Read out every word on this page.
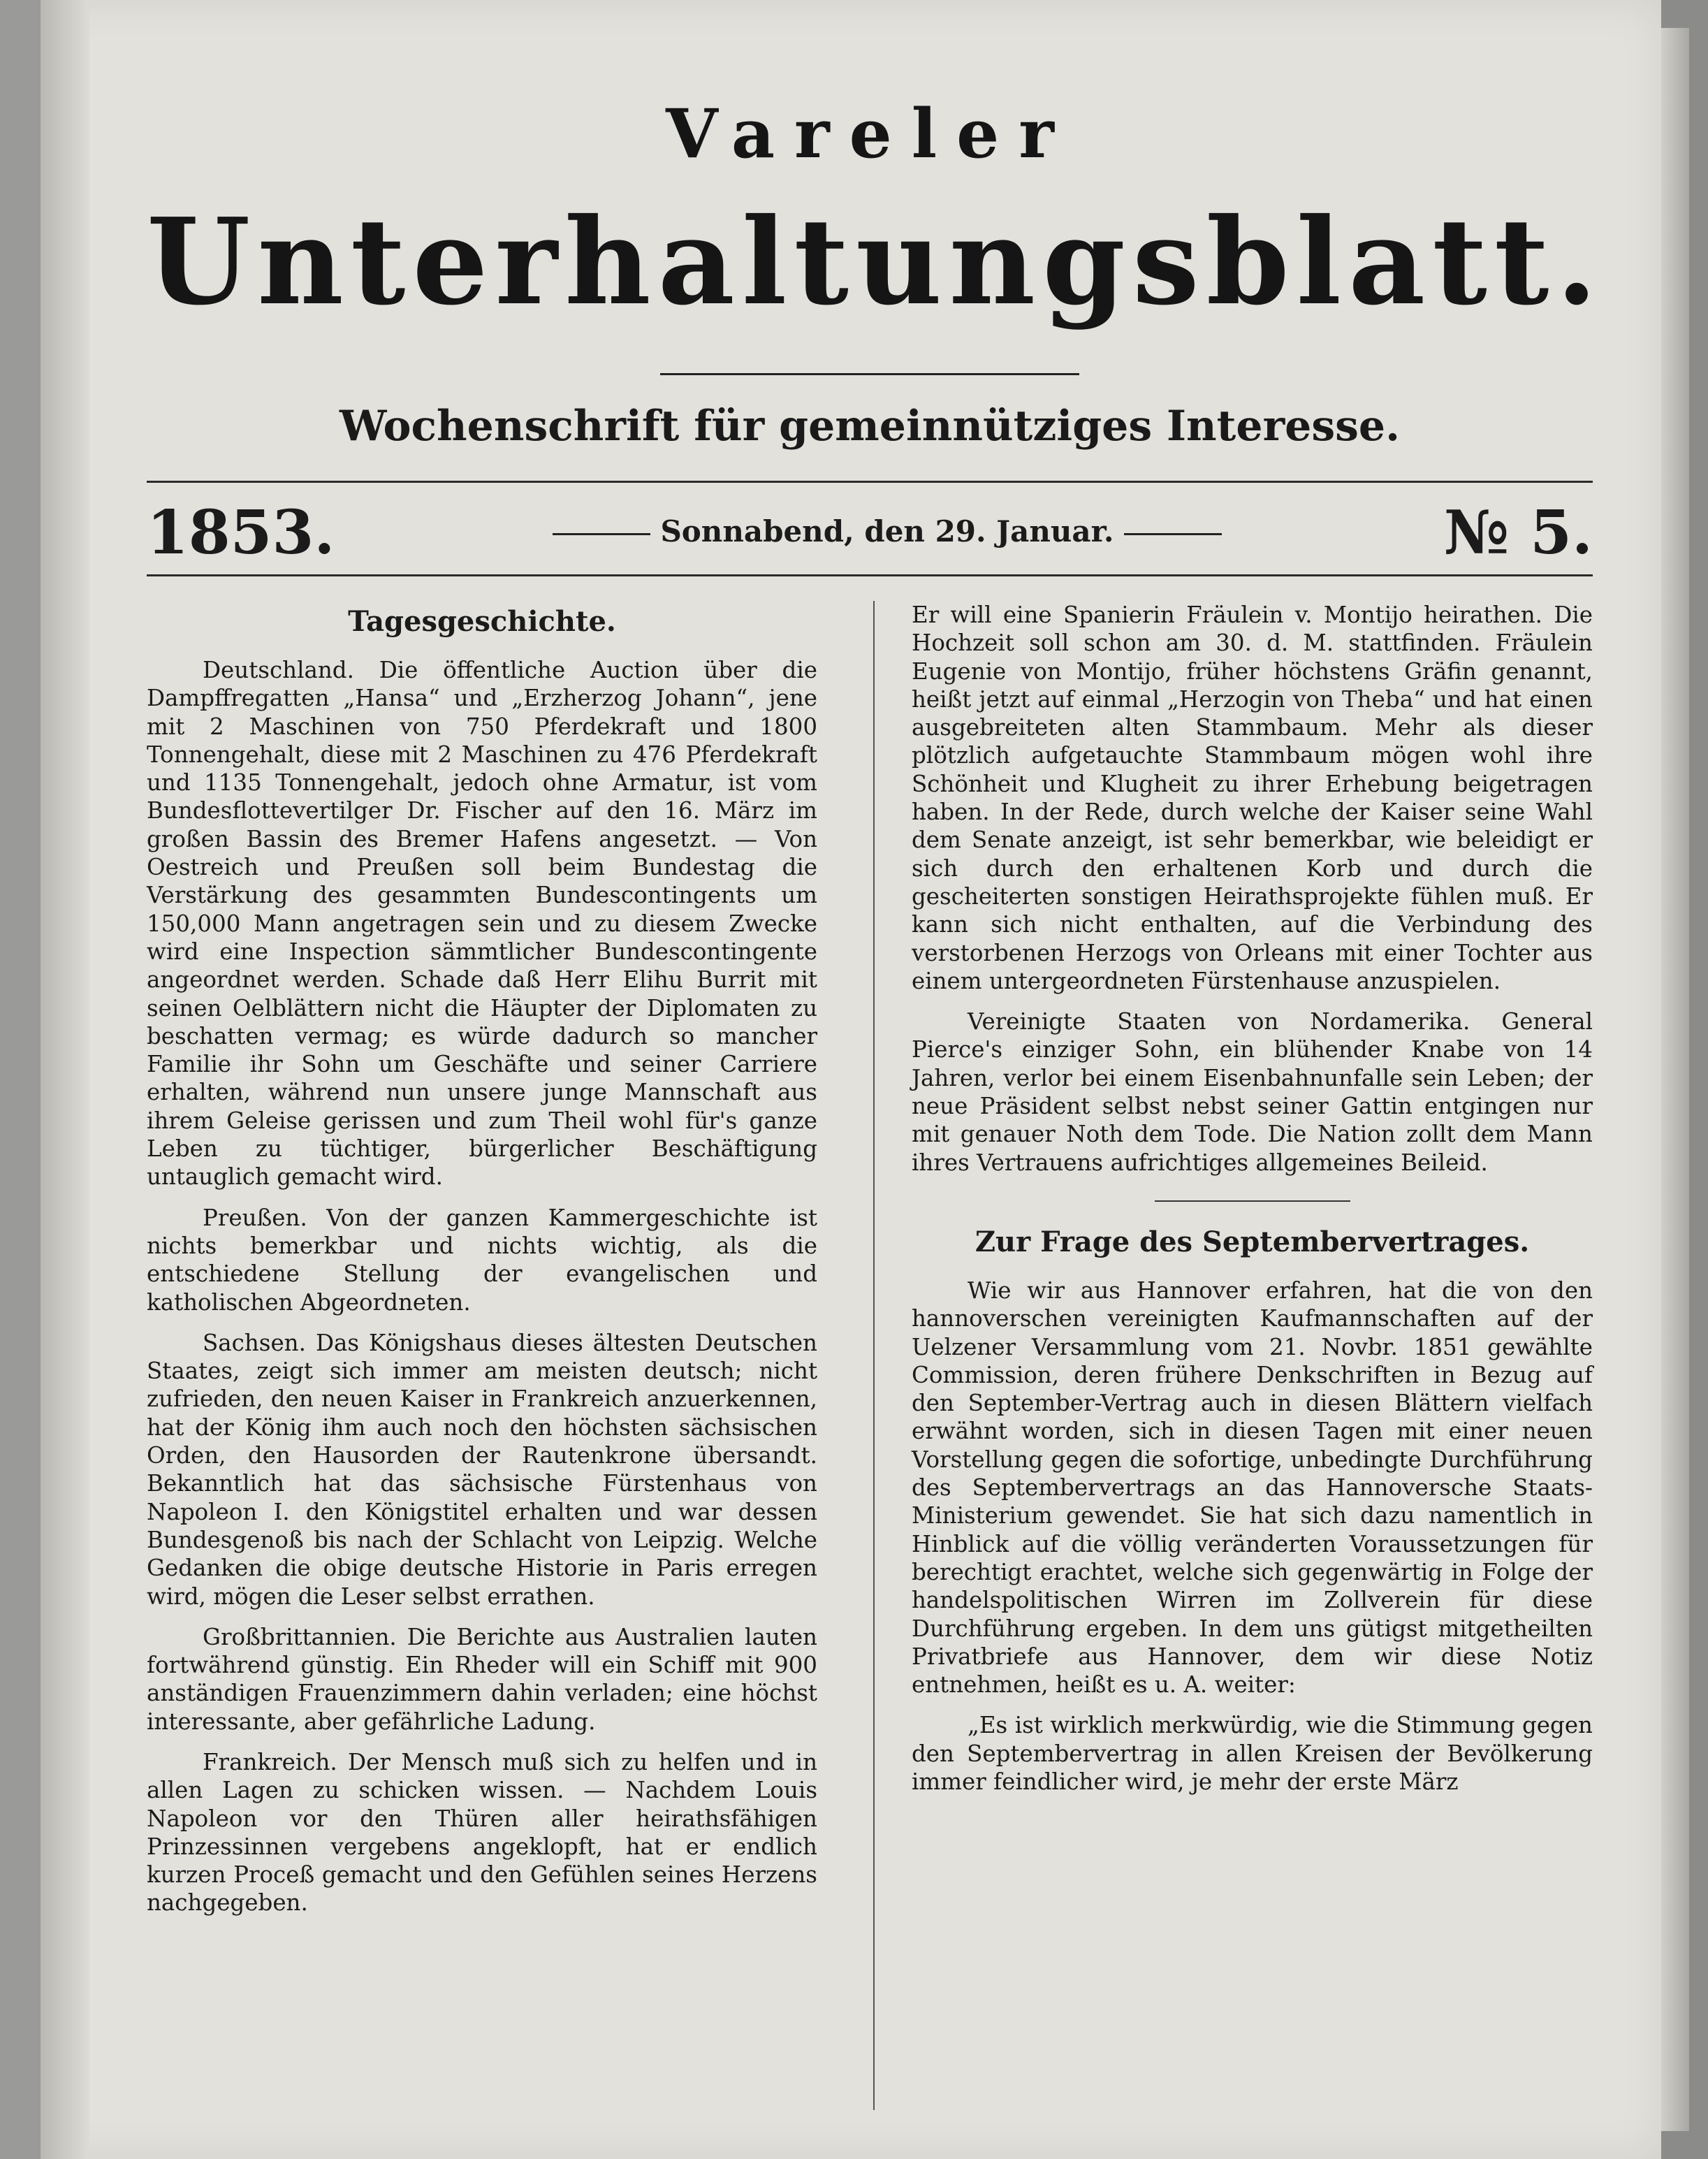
Vareler
Unterhaltungsblatt.
Wochenschrift für gemeinnütziges Interesse.
1853.	Sonnabend, den 29. Januar.	№ 5.
Tagesgeschichte.

Deutschland. Die öffentliche Auction über die Dampffregatten „Hansa“ und „Erzherzog Johann“, jene mit 2 Maschinen von 750 Pferdekraft und 1800 Tonnengehalt, diese mit 2 Maschinen zu 476 Pferdekraft und 1135 Tonnengehalt, jedoch ohne Armatur, ist vom Bundesflottevertilger Dr. Fischer auf den 16. März im großen Bassin des Bremer Hafens angesetzt. — Von Oestreich und Preußen soll beim Bundestag die Verstärkung des gesammten Bundescontingents um 150,000 Mann angetragen sein und zu diesem Zwecke wird eine Inspection sämmtlicher Bundescontingente angeordnet werden. Schade daß Herr Elihu Burrit mit seinen Oelblättern nicht die Häupter der Diplomaten zu beschatten vermag; es würde dadurch so mancher Familie ihr Sohn um Geschäfte und seiner Carriere erhalten, während nun unsere junge Mannschaft aus ihrem Geleise gerissen und zum Theil wohl für's ganze Leben zu tüchtiger, bürgerlicher Beschäftigung untauglich gemacht wird.

Preußen. Von der ganzen Kammergeschichte ist nichts bemerkbar und nichts wichtig, als die entschiedene Stellung der evangelischen und katholischen Abgeordneten.

Sachsen. Das Königshaus dieses ältesten Deutschen Staates, zeigt sich immer am meisten deutsch; nicht zufrieden, den neuen Kaiser in Frankreich anzuerkennen, hat der König ihm auch noch den höchsten sächsischen Orden, den Hausorden der Rautenkrone übersandt. Bekanntlich hat das sächsische Fürstenhaus von Napoleon I. den Königstitel erhalten und war dessen Bundesgenoß bis nach der Schlacht von Leipzig. Welche Gedanken die obige deutsche Historie in Paris erregen wird, mögen die Leser selbst errathen.

Großbrittannien. Die Berichte aus Australien lauten fortwährend günstig. Ein Rheder will ein Schiff mit 900 anständigen Frauenzimmern dahin verladen; eine höchst interessante, aber gefährliche Ladung.

Frankreich. Der Mensch muß sich zu helfen und in allen Lagen zu schicken wissen. — Nachdem Louis Napoleon vor den Thüren aller heirathsfähigen Prinzessinnen vergebens angeklopft, hat er endlich kurzen Proceß gemacht und den Gefühlen seines Herzens nachgegeben.

Er will eine Spanierin Fräulein v. Montijo heirathen. Die Hochzeit soll schon am 30. d. M. stattfinden. Fräulein Eugenie von Montijo, früher höchstens Gräfin genannt, heißt jetzt auf einmal „Herzogin von Theba“ und hat einen ausgebreiteten alten Stammbaum. Mehr als dieser plötzlich aufgetauchte Stammbaum mögen wohl ihre Schönheit und Klugheit zu ihrer Erhebung beigetragen haben. In der Rede, durch welche der Kaiser seine Wahl dem Senate anzeigt, ist sehr bemerkbar, wie beleidigt er sich durch den erhaltenen Korb und durch die gescheiterten sonstigen Heirathsprojekte fühlen muß. Er kann sich nicht enthalten, auf die Verbindung des verstorbenen Herzogs von Orleans mit einer Tochter aus einem untergeordneten Fürstenhause anzuspielen.

Vereinigte Staaten von Nordamerika. General Pierce's einziger Sohn, ein blühender Knabe von 14 Jahren, verlor bei einem Eisenbahnunfalle sein Leben; der neue Präsident selbst nebst seiner Gattin entgingen nur mit genauer Noth dem Tode. Die Nation zollt dem Mann ihres Vertrauens aufrichtiges allgemeines Beileid.

Zur Frage des Septembervertrages.

Wie wir aus Hannover erfahren, hat die von den hannoverschen vereinigten Kaufmannschaften auf der Uelzener Versammlung vom 21. Novbr. 1851 gewählte Commission, deren frühere Denkschriften in Bezug auf den September-Vertrag auch in diesen Blättern vielfach erwähnt worden, sich in diesen Tagen mit einer neuen Vorstellung gegen die sofortige, unbedingte Durchführung des Septembervertrags an das Hannoversche Staats-Ministerium gewendet. Sie hat sich dazu namentlich in Hinblick auf die völlig veränderten Voraussetzungen für berechtigt erachtet, welche sich gegenwärtig in Folge der handelspolitischen Wirren im Zollverein für diese Durchführung ergeben. In dem uns gütigst mitgetheilten Privatbriefe aus Hannover, dem wir diese Notiz entnehmen, heißt es u. A. weiter:

„Es ist wirklich merkwürdig, wie die Stimmung gegen den Septembervertrag in allen Kreisen der Bevölkerung immer feindlicher wird, je mehr der erste März
